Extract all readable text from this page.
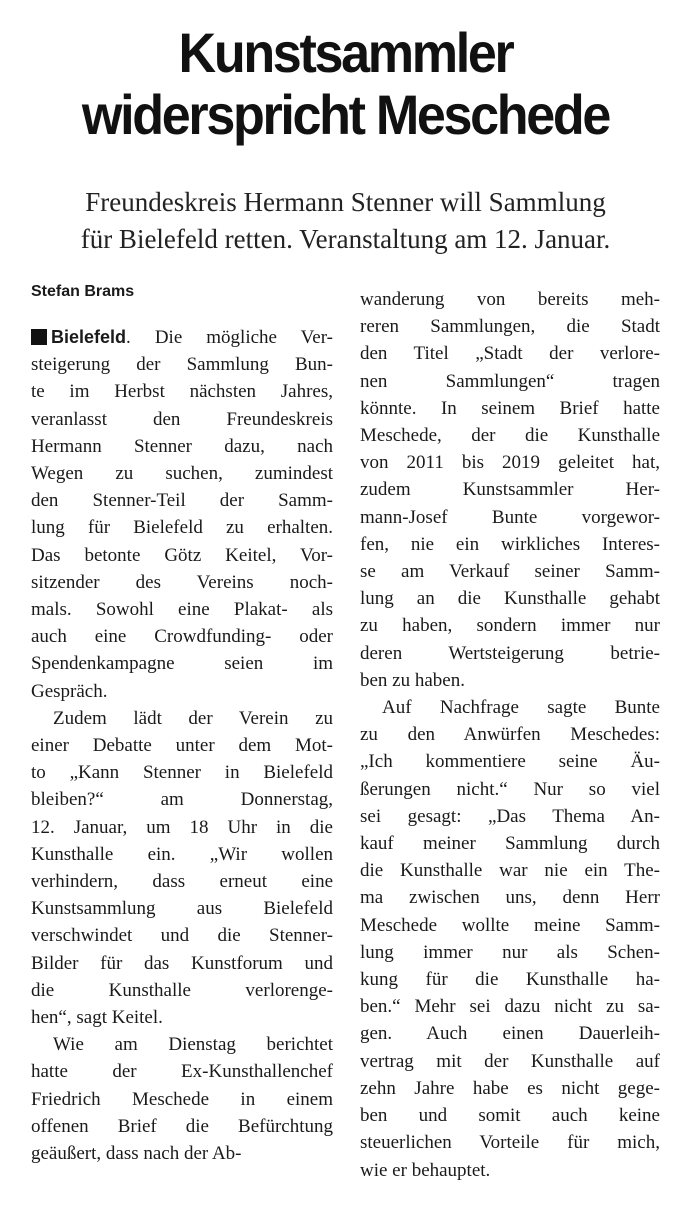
Kunstsammler
widerspricht Meschede
Freundeskreis Hermann Stenner will Sammlung
für Bielefeld retten. Veranstaltung am 12. Januar.
Stefan Brams
Bielefeld. Die mögliche Ver-
steigerung der Sammlung Bun-
te im Herbst nächsten Jahres,
veranlasst den Freundeskreis
Hermann Stenner dazu, nach
Wegen zu suchen, zumindest
den Stenner-Teil der Samm-
lung für Bielefeld zu erhalten.
Das betonte Götz Keitel, Vor-
sitzender des Vereins noch-
mals. Sowohl eine Plakat- als
auch eine Crowdfunding- oder
Spendenkampagne seien im
Gespräch.
Zudem lädt der Verein zu
einer Debatte unter dem Mot-
to „Kann Stenner in Bielefeld
bleiben?“ am Donnerstag,
12. Januar, um 18 Uhr in die
Kunsthalle ein. „Wir wollen
verhindern, dass erneut eine
Kunstsammlung aus Bielefeld
verschwindet und die Stenner-
Bilder für das Kunstforum und
die Kunsthalle verlorenge-
hen“, sagt Keitel.
Wie am Dienstag berichtet
hatte der Ex-Kunsthallenchef
Friedrich Meschede in einem
offenen Brief die Befürchtung
geäußert, dass nach der Ab-
wanderung von bereits meh-
reren Sammlungen, die Stadt
den Titel „Stadt der verlore-
nen Sammlungen“ tragen
könnte. In seinem Brief hatte
Meschede, der die Kunsthalle
von 2011 bis 2019 geleitet hat,
zudem Kunstsammler Her-
mann-Josef Bunte vorgewor-
fen, nie ein wirkliches Interes-
se am Verkauf seiner Samm-
lung an die Kunsthalle gehabt
zu haben, sondern immer nur
deren Wertsteigerung betrie-
ben zu haben.
Auf Nachfrage sagte Bunte
zu den Anwürfen Meschedes:
„Ich kommentiere seine Äu-
ßerungen nicht.“ Nur so viel
sei gesagt: „Das Thema An-
kauf meiner Sammlung durch
die Kunsthalle war nie ein The-
ma zwischen uns, denn Herr
Meschede wollte meine Samm-
lung immer nur als Schen-
kung für die Kunsthalle ha-
ben.“ Mehr sei dazu nicht zu sa-
gen. Auch einen Dauerleih-
vertrag mit der Kunsthalle auf
zehn Jahre habe es nicht gege-
ben und somit auch keine
steuerlichen Vorteile für mich,
wie er behauptet.
